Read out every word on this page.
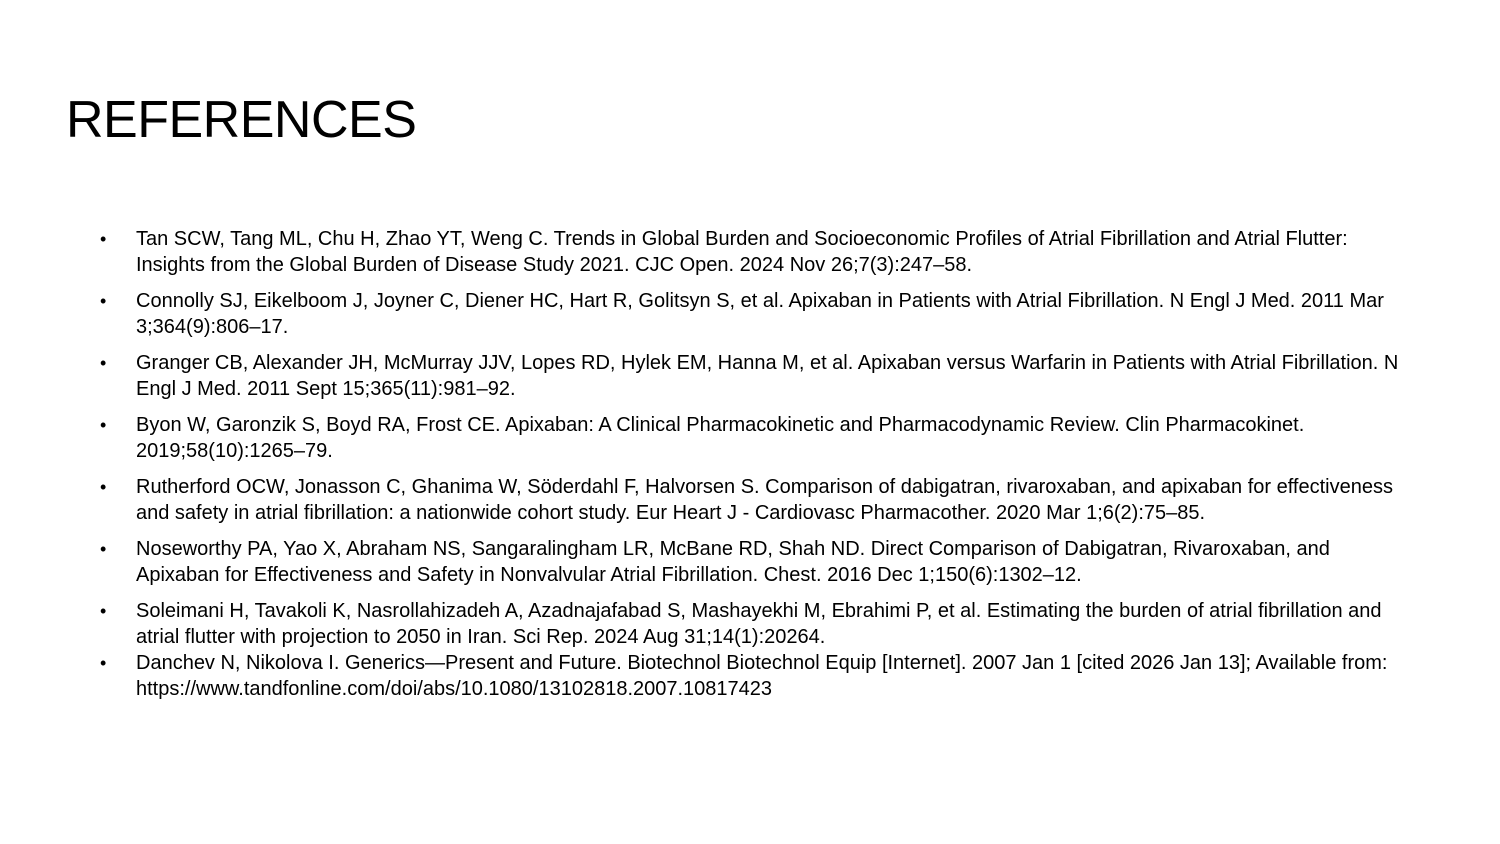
REFERENCES
•	Tan SCW, Tang ML, Chu H, Zhao YT, Weng C. Trends in Global Burden and Socioeconomic Profiles of Atrial Fibrillation and Atrial Flutter: Insights from the Global Burden of Disease Study 2021. CJC Open. 2024 Nov 26;7(3):247–58.
•	Connolly SJ, Eikelboom J, Joyner C, Diener HC, Hart R, Golitsyn S, et al. Apixaban in Patients with Atrial Fibrillation. N Engl J Med. 2011 Mar 3;364(9):806–17.
•	Granger CB, Alexander JH, McMurray JJV, Lopes RD, Hylek EM, Hanna M, et al. Apixaban versus Warfarin in Patients with Atrial Fibrillation. N Engl J Med. 2011 Sept 15;365(11):981–92.
•	Byon W, Garonzik S, Boyd RA, Frost CE. Apixaban: A Clinical Pharmacokinetic and Pharmacodynamic Review. Clin Pharmacokinet. 2019;58(10):1265–79.
•	Rutherford OCW, Jonasson C, Ghanima W, Söderdahl F, Halvorsen S. Comparison of dabigatran, rivaroxaban, and apixaban for effectiveness and safety in atrial fibrillation: a nationwide cohort study. Eur Heart J - Cardiovasc Pharmacother. 2020 Mar 1;6(2):75–85.
•	Noseworthy PA, Yao X, Abraham NS, Sangaralingham LR, McBane RD, Shah ND. Direct Comparison of Dabigatran, Rivaroxaban, and Apixaban for Effectiveness and Safety in Nonvalvular Atrial Fibrillation. Chest. 2016 Dec 1;150(6):1302–12.
•	Soleimani H, Tavakoli K, Nasrollahizadeh A, Azadnajafabad S, Mashayekhi M, Ebrahimi P, et al. Estimating the burden of atrial fibrillation and atrial flutter with projection to 2050 in Iran. Sci Rep. 2024 Aug 31;14(1):20264.
•	Danchev N, Nikolova I. Generics—Present and Future. Biotechnol Biotechnol Equip [Internet]. 2007 Jan 1 [cited 2026 Jan 13]; Available from: https://www.tandfonline.com/doi/abs/10.1080/13102818.2007.10817423
